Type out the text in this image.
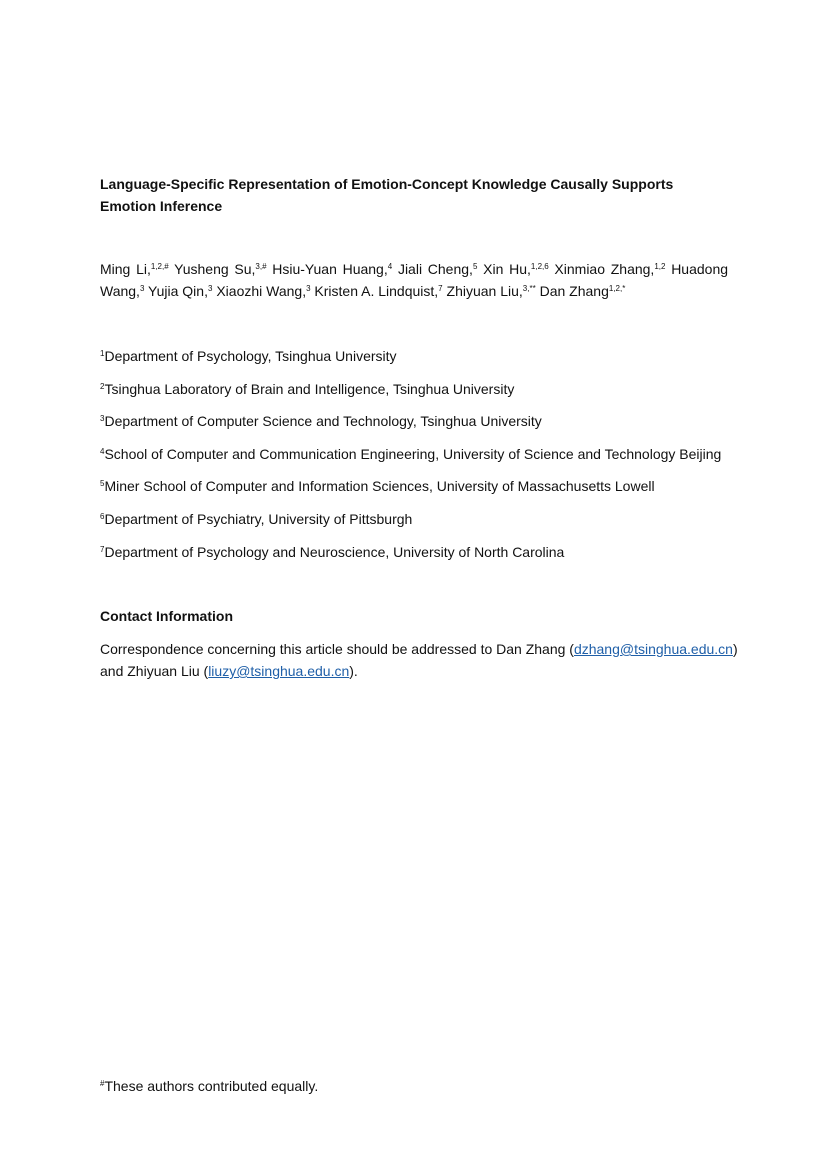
Language-Specific Representation of Emotion-Concept Knowledge Causally Supports
Emotion Inference
Ming Li,$^{1,2,\#}$ Yusheng Su,$^{3,\#}$ Hsiu-Yuan Huang,$^4$ Jiali Cheng,$^5$ Xin Hu,$^{1,2,6}$ Xinmiao Zhang,$^{1,2}$ Huadong
Wang,$^3$ Yujia Qin,$^3$ Xiaozhi Wang,$^3$ Kristen A. Lindquist,$^7$ Zhiyuan Liu,$^{3,**}$ Dan Zhang$^{1,2,*}$
$^1$Department of Psychology, Tsinghua University
$^2$Tsinghua Laboratory of Brain and Intelligence, Tsinghua University
$^3$Department of Computer Science and Technology, Tsinghua University
$^4$School of Computer and Communication Engineering, University of Science and Technology Beijing
$^5$Miner School of Computer and Information Sciences, University of Massachusetts Lowell
$^6$Department of Psychiatry, University of Pittsburgh
$^7$Department of Psychology and Neuroscience, University of North Carolina
Contact Information
Correspondence concerning this article should be addressed to Dan Zhang (dzhang@tsinghua.edu.cn)
and Zhiyuan Liu (liuzy@tsinghua.edu.cn).
#These authors contributed equally.
